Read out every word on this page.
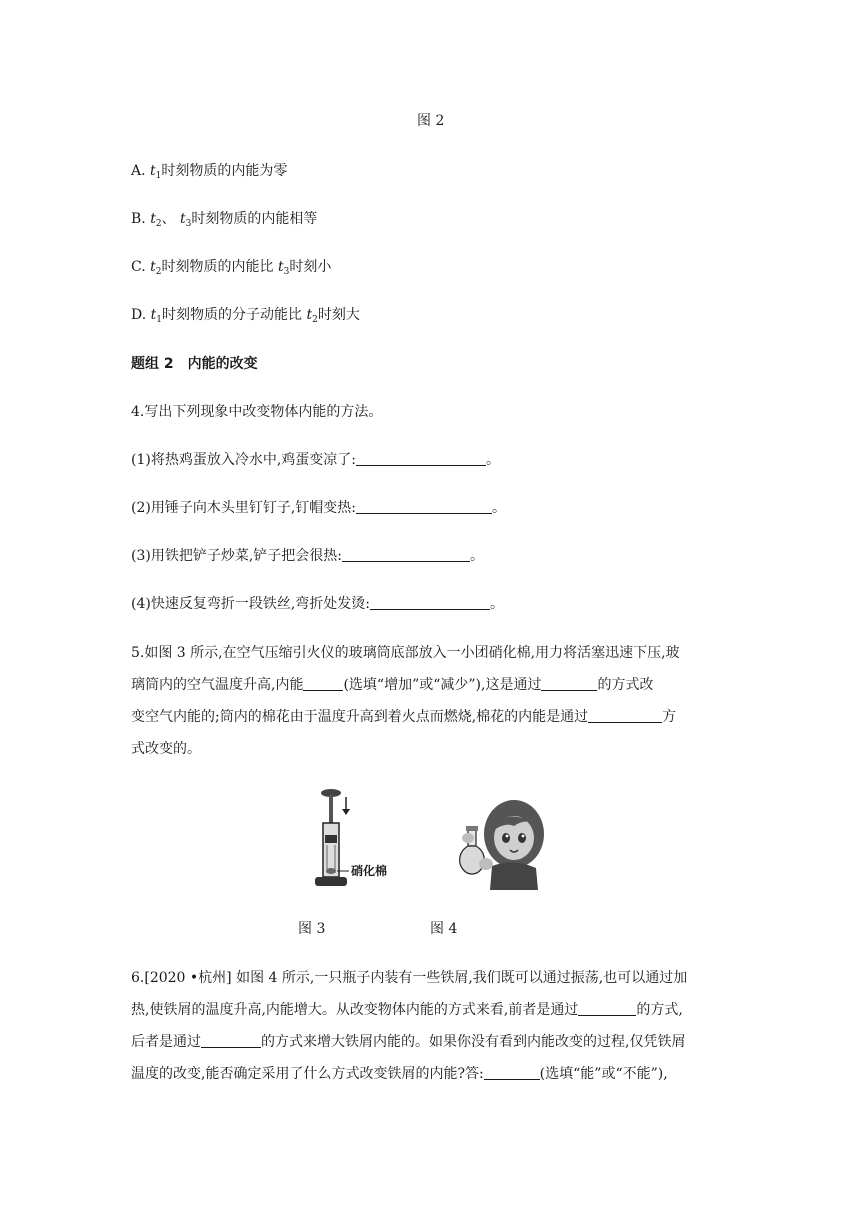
图 2
A. $t_1$时刻物质的内能为零
B. $t_2$、 $t_3$时刻物质的内能相等
C. $t_2$时刻物质的内能比 $t_3$时刻小
D. $t_1$时刻物质的分子动能比 $t_2$时刻大
题组 2　内能的改变
4.写出下列现象中改变物体内能的方法。
(1)将热鸡蛋放入冷水中,鸡蛋变凉了:	。
(2)用锤子向木头里钉钉子,钉帽变热:	。
(3)用铁把铲子炒菜,铲子把会很热:	。
(4)快速反复弯折一段铁丝,弯折处发烫:	。
5.如图 3 所示,在空气压缩引火仪的玻璃筒底部放入一小团硝化棉,用力将活塞迅速下压,玻
璃筒内的空气温度升高,内能	(选填“增加”或“减少”),这是通过	的方式改
变空气内能的;筒内的棉花由于温度升高到着火点而燃烧,棉花的内能是通过	方
式改变的。
硝化棉
图 3	图 4
6.[2020 •杭州] 如图 4 所示,一只瓶子内装有一些铁屑,我们既可以通过振荡,也可以通过加
热,使铁屑的温度升高,内能增大。从改变物体内能的方式来看,前者是通过	的方式,
后者是通过	的方式来增大铁屑内能的。如果你没有看到内能改变的过程,仅凭铁屑
温度的改变,能否确定采用了什么方式改变铁屑的内能?答:	(选填“能”或“不能”),
